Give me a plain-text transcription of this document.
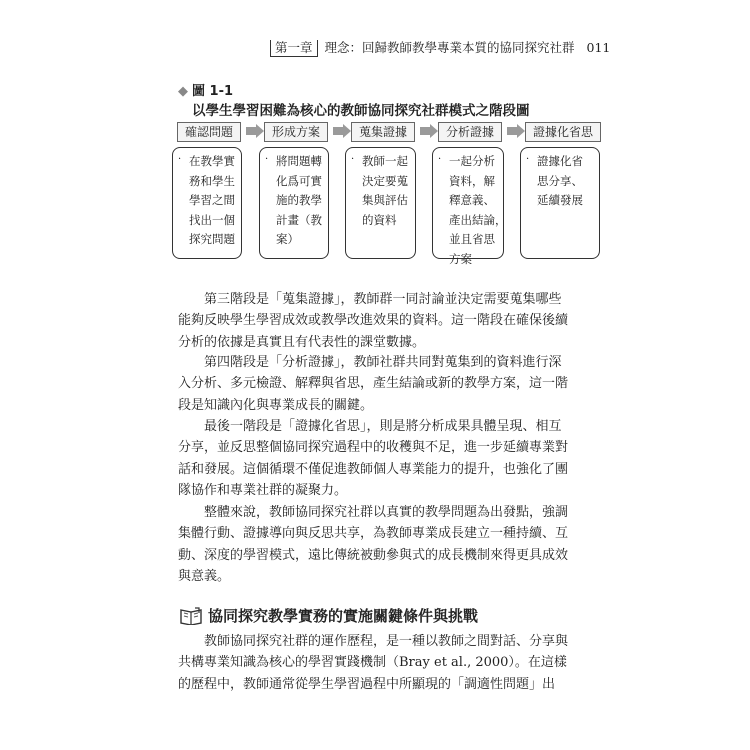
第一章 理念：回歸教師教學專業本質的協同探究社群 011
◆ 圖 1-1
以學生學習困難為核心的教師協同探究社群模式之階段圖
確認問題	形成方案	蒐集證據	分析證據	證據化省思
· 在教學實
務和學生
學習之間
找出一個
探究問題
· 將問題轉
化爲可實
施的教學
計畫（教
案）
· 教師一起
決定要蒐
集與評估
的資料
· 一起分析
資料，解
釋意義、
產出結論，
並且省思
方案
· 證據化省
思分享、
延續發展
第三階段是「蒐集證據」，教師群一同討論並決定需要蒐集哪些
能夠反映學生學習成效或教學改進效果的資料。這一階段在確保後續
分析的依據是真實且有代表性的課堂數據。
第四階段是「分析證據」，教師社群共同對蒐集到的資料進行深
入分析、多元檢證、解釋與省思，產生結論或新的教學方案，這一階
段是知識內化與專業成長的關鍵。
最後一階段是「證據化省思」，則是將分析成果具體呈現、相互
分享，並反思整個協同探究過程中的收穫與不足，進一步延續專業對
話和發展。這個循環不僅促進教師個人專業能力的提升，也強化了團
隊協作和專業社群的凝聚力。
整體來說，教師協同探究社群以真實的教學問題為出發點，強調
集體行動、證據導向與反思共享，為教師專業成長建立一種持續、互
動、深度的學習模式，遠比傳統被動參與式的成長機制來得更具成效
與意義。
協同探究教學實務的實施關鍵條件與挑戰
教師協同探究社群的運作歷程，是一種以教師之間對話、分享與
共構專業知識為核心的學習實踐機制（Bray et al., 2000）。在這樣
的歷程中，教師通常從學生學習過程中所顯現的「調適性問題」出
